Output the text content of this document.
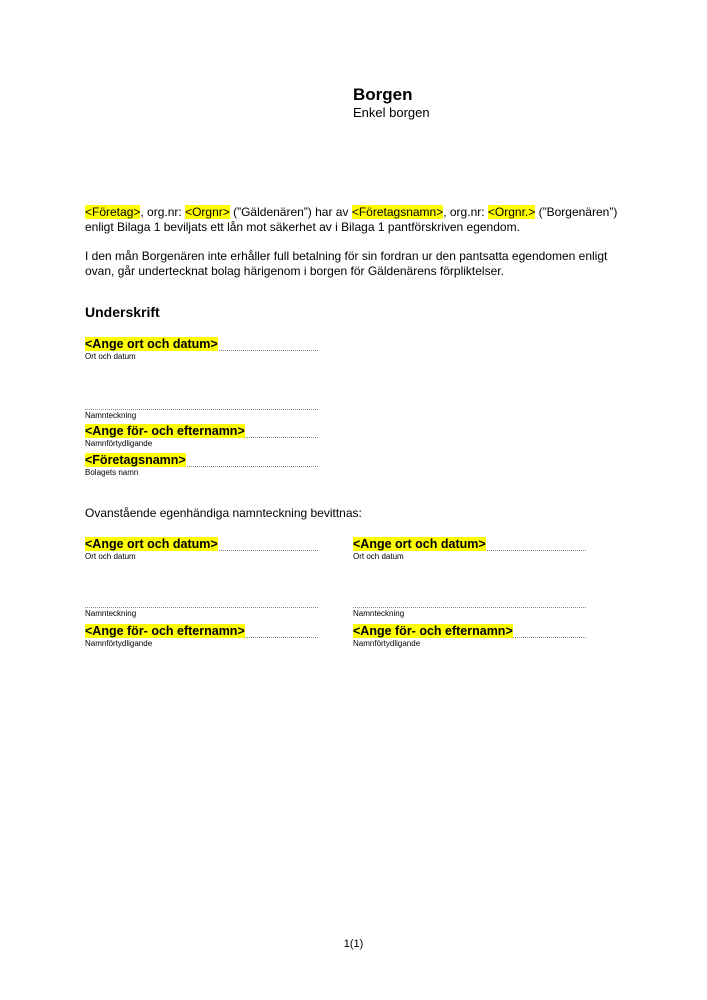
Borgen
Enkel borgen

<Företag>, org.nr: <Orgnr> (”Gäldenären”) har av <Företagsnamn>, org.nr: <Orgnr.> (”Borgenären”) enligt Bilaga 1 beviljats ett lån mot säkerhet av i Bilaga 1 pantförskriven egendom.

I den mån Borgenären inte erhåller full betalning för sin fordran ur den pantsatta egendomen enligt ovan, går undertecknat bolag härigenom i borgen för Gäldenärens förpliktelser.

Underskrift
<Ange ort och datum>
Ort och datum
Namnteckning
<Ange för- och efternamn>
Namnförtydligande
<Företagsnamn>
Bolagets namn

Ovanstående egenhändiga namnteckning bevittnas:

<Ange ort och datum>
Ort och datum
Namnteckning
<Ange för- och efternamn>
Namnförtydligande
<Ange ort och datum>
Ort och datum
Namnteckning
<Ange för- och efternamn>
Namnförtydligande
1(1)
